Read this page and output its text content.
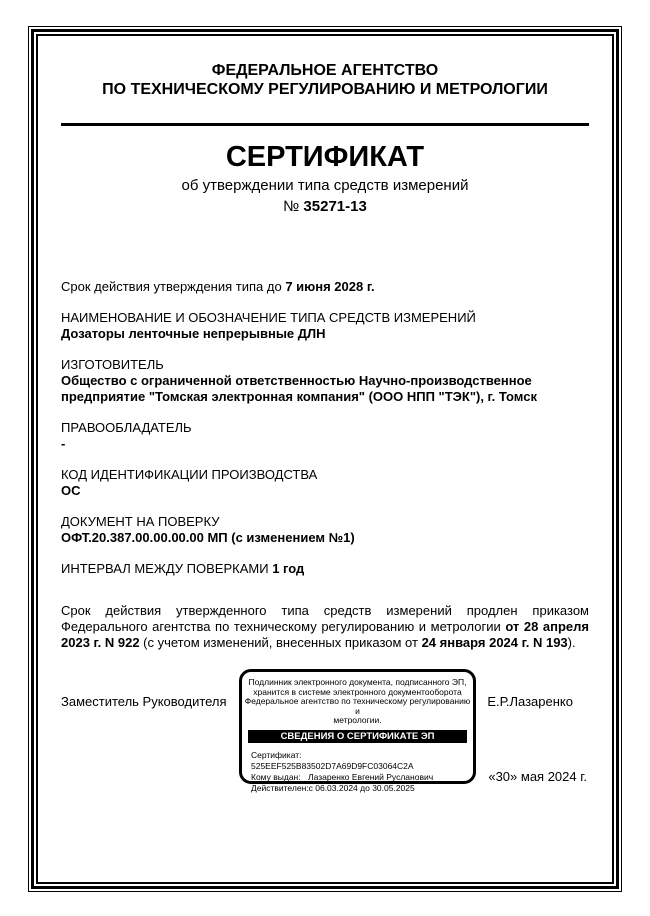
ФЕДЕРАЛЬНОЕ АГЕНТСТВО
ПО ТЕХНИЧЕСКОМУ РЕГУЛИРОВАНИЮ И МЕТРОЛОГИИ
СЕРТИФИКАТ
об утверждении типа средств измерений
№ 35271-13
Срок действия утверждения типа до 7 июня 2028 г.
НАИМЕНОВАНИЕ И ОБОЗНАЧЕНИЕ ТИПА СРЕДСТВ ИЗМЕРЕНИЙ
Дозаторы ленточные непрерывные ДЛН
ИЗГОТОВИТЕЛЬ
Общество с ограниченной ответственностью Научно-производственное предприятие "Томская электронная компания" (ООО НПП "ТЭК"), г. Томск
ПРАВООБЛАДАТЕЛЬ
-
КОД ИДЕНТИФИКАЦИИ ПРОИЗВОДСТВА
ОС
ДОКУМЕНТ НА ПОВЕРКУ
ОФТ.20.387.00.00.00.00 МП (с изменением №1)
ИНТЕРВАЛ МЕЖДУ ПОВЕРКАМИ 1 год
Срок действия утвержденного типа средств измерений продлен приказом Федерального агентства по техническому регулированию и метрологии от 28 апреля 2023 г. N 922 (с учетом изменений, внесенных приказом от 24 января 2024 г. N 193).
Заместитель Руководителя
Подлинник электронного документа, подписанного ЭП,
хранится в системе электронного документооборота
Федеральное агентство по техническому регулированию и
метрологии.
СВЕДЕНИЯ О СЕРТИФИКАТЕ ЭП
Сертификат:525EEF525B83502D7A69D9FC03064C2A
Кому выдан: Лазаренко Евгений Русланович
Действителен:с 06.03.2024 до 30.05.2025
Е.Р.Лазаренко
«30» мая 2024 г.
